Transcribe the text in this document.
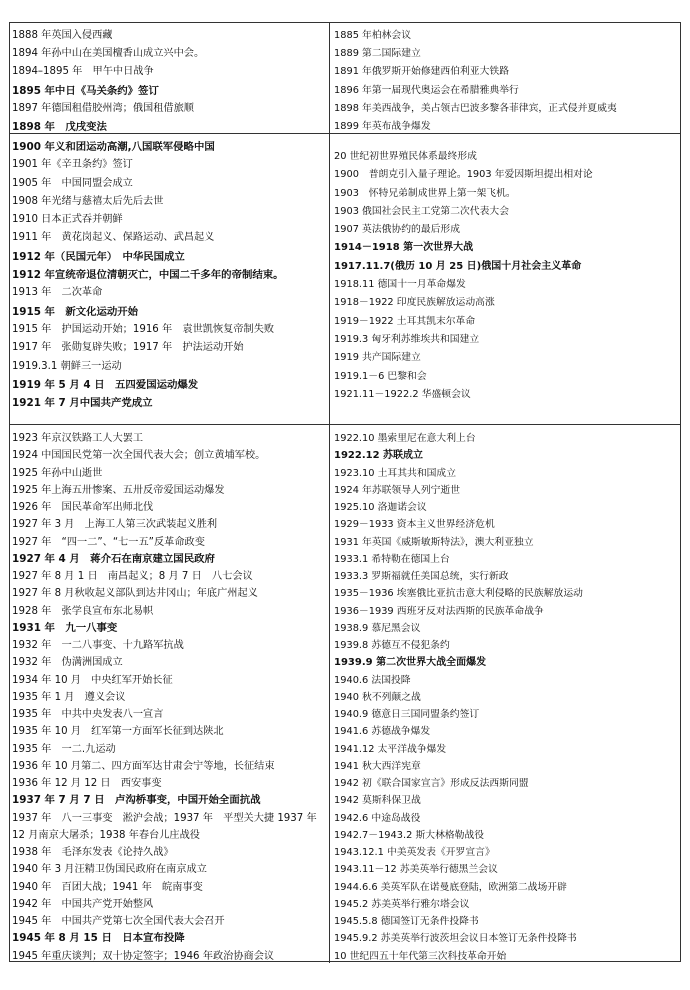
1888 年英国入侵西藏
1894 年孙中山在美国檀香山成立兴中会。
1894–1895 年　甲午中日战争
1895 年中日《马关条约》签订
1897 年德国租借胶州湾；俄国租借旅顺
1898 年　戊戌变法
1885 年柏林会议
1889 第二国际建立
1891 年俄罗斯开始修建西伯利亚大铁路
1896 年第一届现代奥运会在希腊雅典举行
1898 年美西战争，美占领古巴波多黎各菲律宾，正式侵并夏威夷
1899 年英布战争爆发
1900 年义和团运动高潮,八国联军侵略中国
1901 年《辛丑条约》签订
1905 年　中国同盟会成立
1908 年光绪与慈禧太后先后去世
1910 日本正式吞并朝鲜
1911 年　黄花岗起义、保路运动、武昌起义
1912 年（民国元年）　中华民国成立
1912 年宣统帝退位清朝灭亡，中国二千多年的帝制结束。
1913 年　二次革命
1915 年　新文化运动开始
1915 年　护国运动开始；1916 年　袁世凯恢复帝制失败
1917 年　张勋复辟失败；1917 年　护法运动开始
1919.3.1 朝鲜三一运动
1919 年 5 月 4 日　五四爱国运动爆发
1921 年 7 月中国共产党成立
20 世纪初世界殖民体系最终形成
1900　普朗克引入量子理论。1903 年爱因斯坦提出相对论
1903　怀特兄弟制成世界上第一架飞机。
1903 俄国社会民主工党第二次代表大会
1907 英法俄协约的最后形成
1914－1918 第一次世界大战
1917.11.7(俄历 10 月 25 日)俄国十月社会主义革命
1918.11 德国十一月革命爆发
1918－1922 印度民族解放运动高涨
1919－1922 土耳其凯末尔革命
1919.3 匈牙利苏维埃共和国建立
1919 共产国际建立
1919.1－6 巴黎和会
1921.11－1922.2 华盛顿会议
1923 年京汉铁路工人大罢工
1924 中国国民党第一次全国代表大会；创立黄埔军校。
1925 年孙中山逝世
1925 年上海五卅惨案、五卅反帝爱国运动爆发
1926 年　国民革命军出师北伐
1927 年 3 月　上海工人第三次武装起义胜利
1927 年　“四一二”、“七一五”反革命政变
1927 年 4 月　蒋介石在南京建立国民政府
1927 年 8 月 1 日　南昌起义；8 月 7 日　八七会议
1927 年 8 月秋收起义部队到达井冈山；年底广州起义
1928 年　张学良宣布东北易帜
1931 年　九一八事变
1932 年　一二八事变、十九路军抗战
1932 年　伪满洲国成立
1934 年 10 月　中央红军开始长征
1935 年 1 月　遵义会议
1935 年　中共中央发表八一宣言
1935 年 10 月　红军第一方面军长征到达陕北
1935 年　一二.九运动
1936 年 10 月第二、四方面军达甘肃会宁等地，长征结束
1936 年 12 月 12 日　西安事变
1937 年 7 月 7 日　卢沟桥事变，中国开始全面抗战
1937 年　八一三事变　淞沪会战；1937 年　平型关大捷 1937 年
12 月南京大屠杀；1938 年春台儿庄战役
1938 年　毛泽东发表《论持久战》
1940 年 3 月汪精卫伪国民政府在南京成立
1940 年　百团大战；1941 年　皖南事变
1942 年　中国共产党开始整风
1945 年　中国共产党第七次全国代表大会召开
1945 年 8 月 15 日　日本宣布投降
1945 年重庆谈判；双十协定签字；1946 年政治协商会议
1922.10 墨索里尼在意大利上台
1922.12 苏联成立
1923.10 土耳其共和国成立
1924 年苏联领导人列宁逝世
1925.10 洛迦诺会议
1929－1933 资本主义世界经济危机
1931 年英国《威斯敏斯特法》，澳大利亚独立
1933.1 希特勒在德国上台
1933.3 罗斯福就任美国总统，实行新政
1935－1936 埃塞俄比亚抗击意大利侵略的民族解放运动
1936－1939 西班牙反对法西斯的民族革命战争
1938.9 慕尼黑会议
1939.8 苏德互不侵犯条约
1939.9 第二次世界大战全面爆发
1940.6 法国投降
1940 秋不列颠之战
1940.9 德意日三国同盟条约签订
1941.6 苏德战争爆发
1941.12 太平洋战争爆发
1941 秋大西洋宪章
1942 初《联合国家宣言》形成反法西斯同盟
1942 莫斯科保卫战
1942.6 中途岛战役
1942.7－1943.2 斯大林格勒战役
1943.12.1 中美英发表《开罗宣言》
1943.11－12 苏美英举行德黑兰会议
1944.6.6 美英军队在诺曼底登陆，欧洲第二战场开辟
1945.2 苏美英举行雅尔塔会议
1945.5.8 德国签订无条件投降书
1945.9.2 苏美英举行波茨坦会议日本签订无条件投降书
10 世纪四五十年代第三次科技革命开始
